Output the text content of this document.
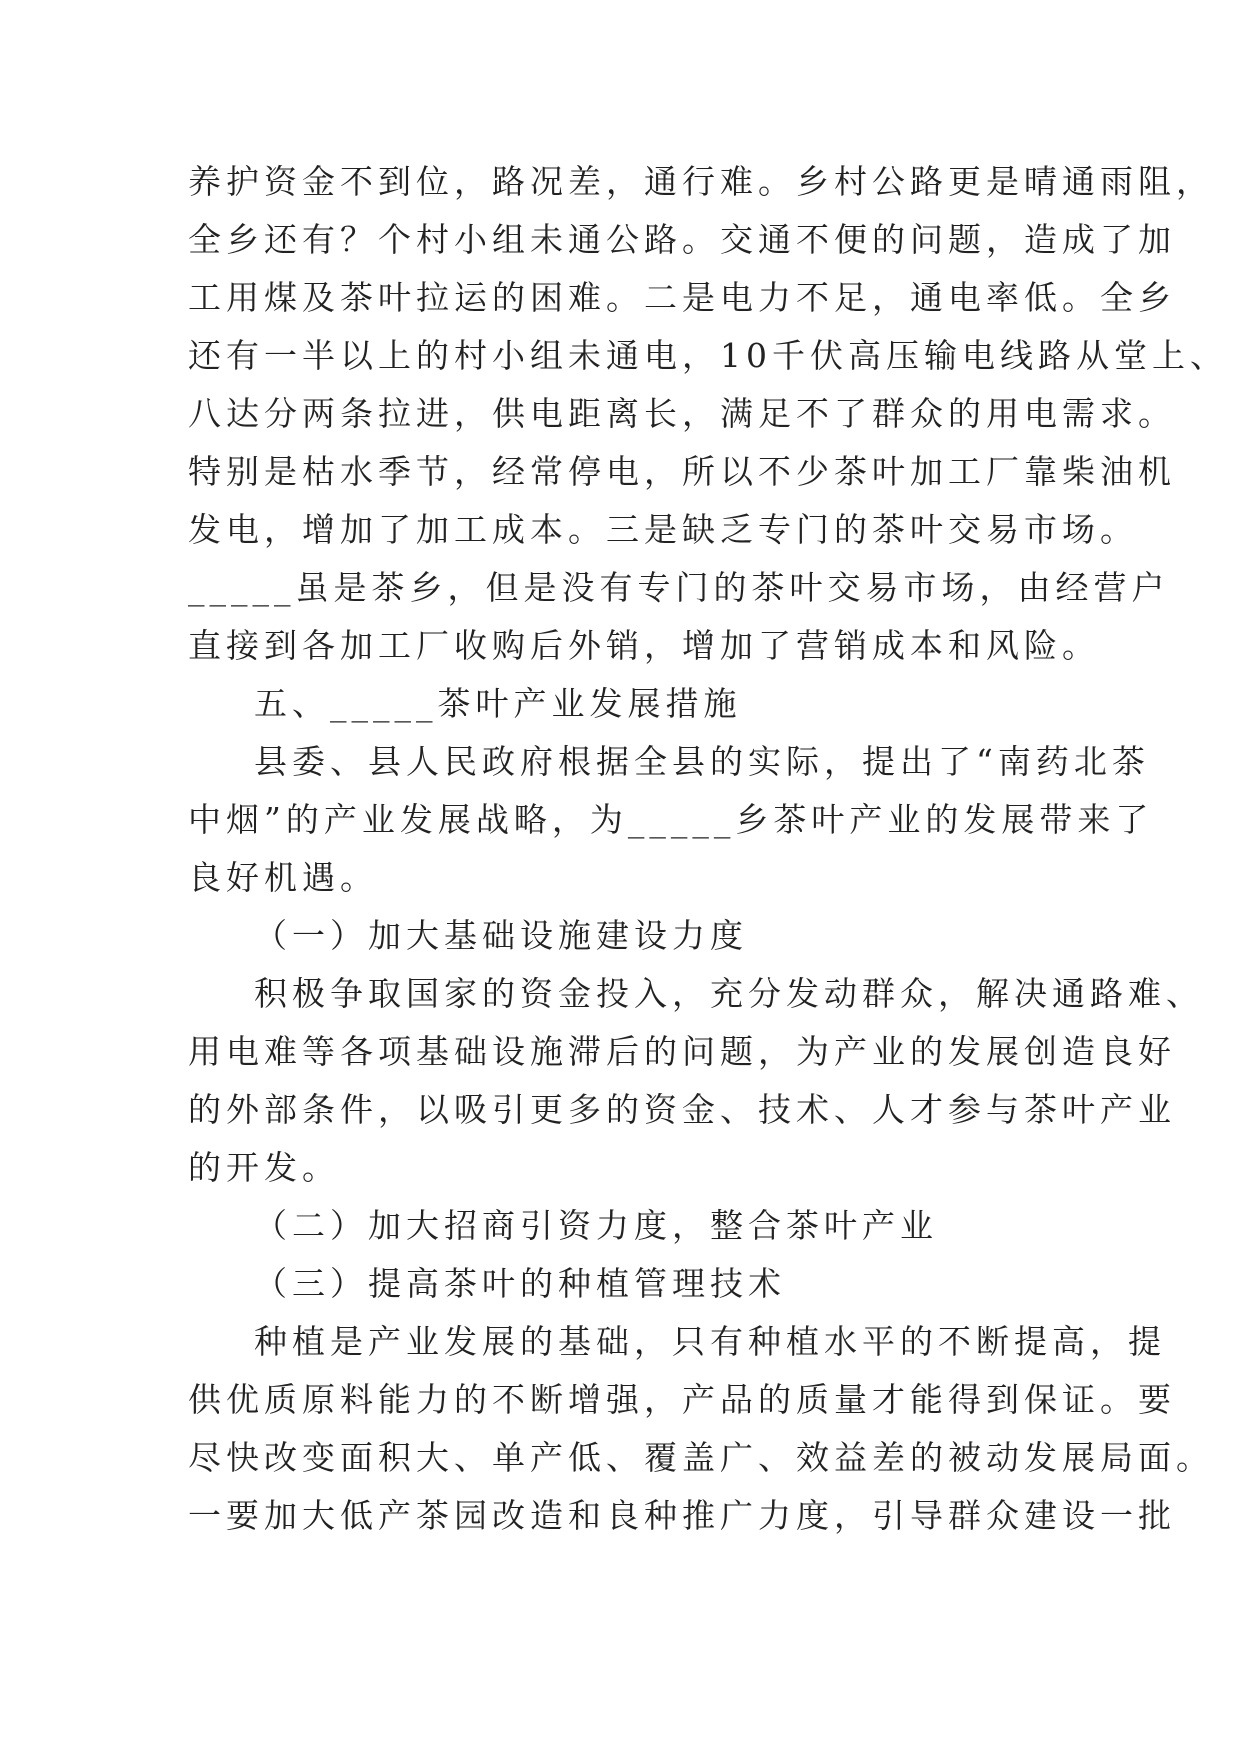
养护资金不到位，路况差，通行难。乡村公路更是晴通雨阻，
全乡还有？个村小组未通公路。交通不便的问题，造成了加
工用煤及茶叶拉运的困难。二是电力不足，通电率低。全乡
还有一半以上的村小组未通电，10千伏高压输电线路从堂上、
八达分两条拉进，供电距离长，满足不了群众的用电需求。
特别是枯水季节，经常停电，所以不少茶叶加工厂靠柴油机
发电，增加了加工成本。三是缺乏专门的茶叶交易市场。
_____虽是茶乡，但是没有专门的茶叶交易市场，由经营户
直接到各加工厂收购后外销，增加了营销成本和风险。
五、_____茶叶产业发展措施
县委、县人民政府根据全县的实际，提出了“南药北茶
中烟”的产业发展战略，为_____乡茶叶产业的发展带来了
良好机遇。
（一）加大基础设施建设力度
积极争取国家的资金投入，充分发动群众，解决通路难、
用电难等各项基础设施滞后的问题，为产业的发展创造良好
的外部条件，以吸引更多的资金、技术、人才参与茶叶产业
的开发。
（二）加大招商引资力度，整合茶叶产业
（三）提高茶叶的种植管理技术
种植是产业发展的基础，只有种植水平的不断提高，提
供优质原料能力的不断增强，产品的质量才能得到保证。要
尽快改变面积大、单产低、覆盖广、效益差的被动发展局面。
一要加大低产茶园改造和良种推广力度，引导群众建设一批
